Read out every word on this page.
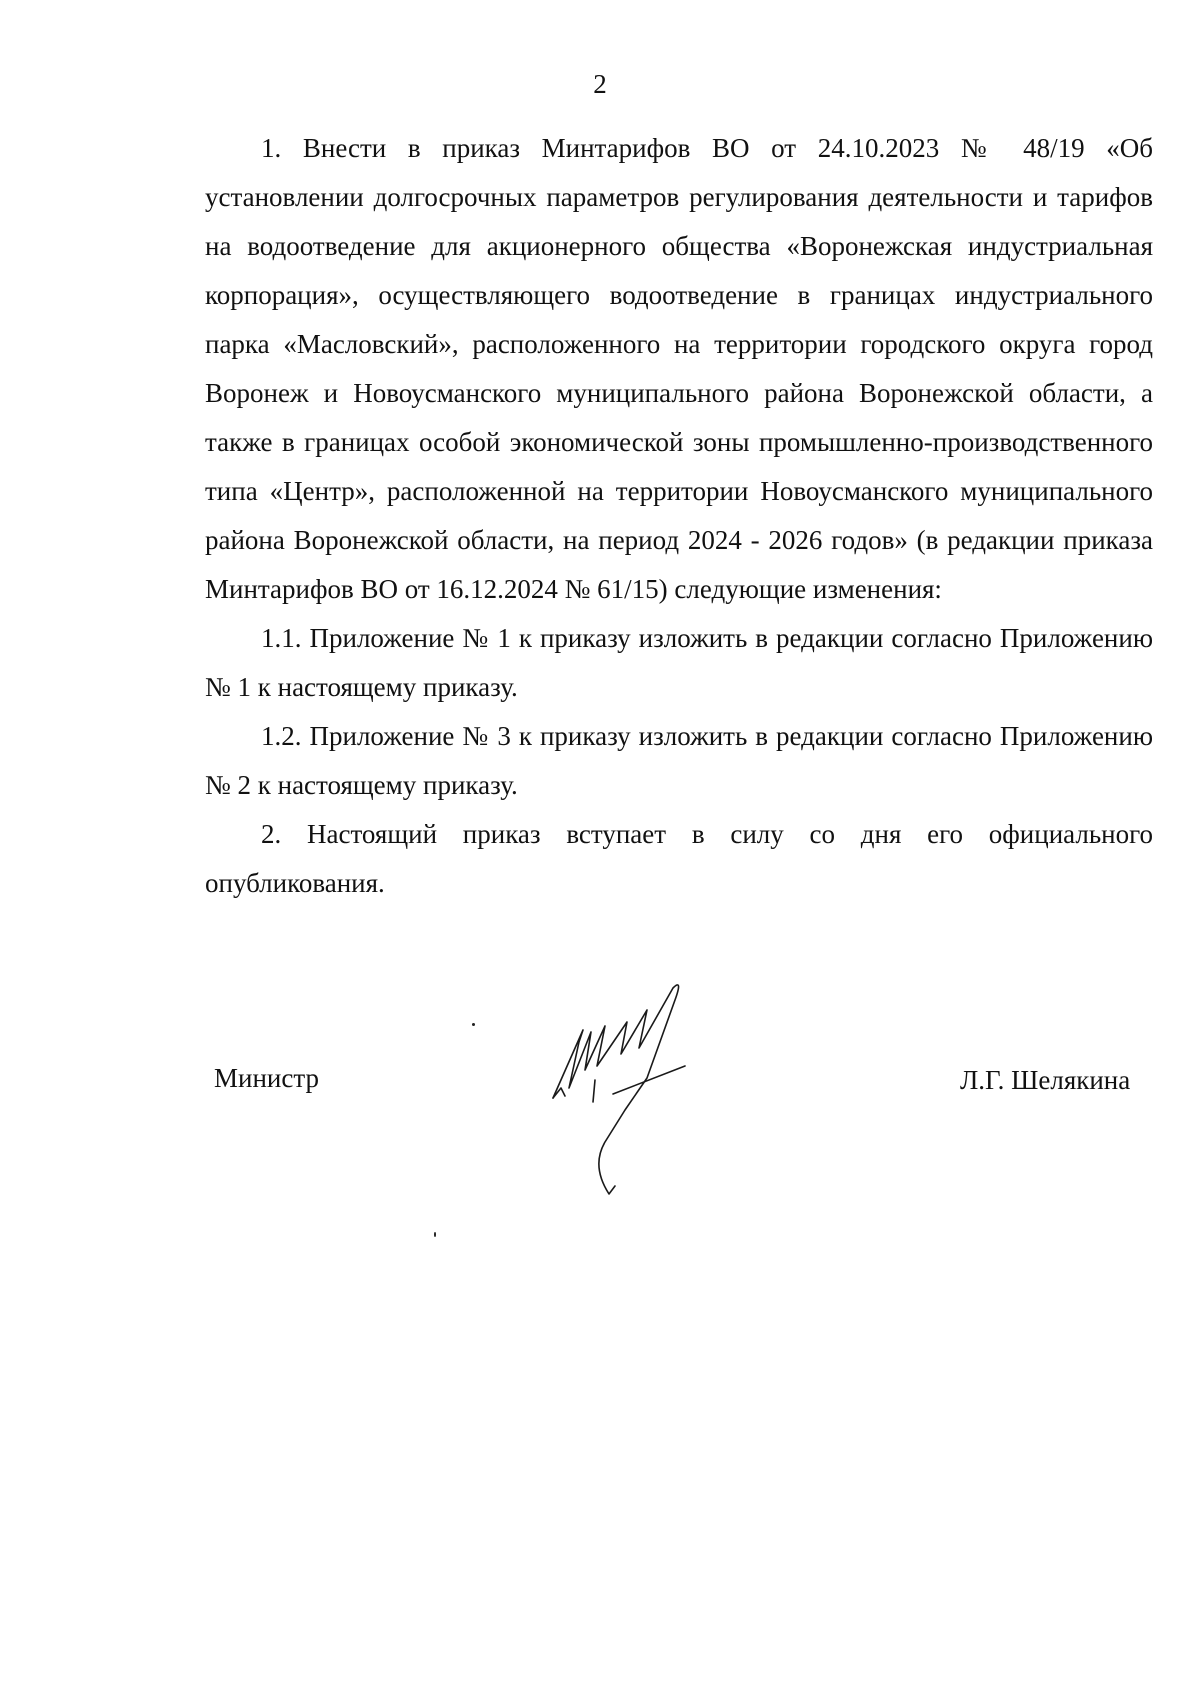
2

1. Внести в приказ Минтарифов ВО от 24.10.2023 № 48/19 «Об установлении долгосрочных параметров регулирования деятельности и тарифов на водоотведение для акционерного общества «Воронежская индустриальная корпорация», осуществляющего водоотведение в границах индустриального парка «Масловский», расположенного на территории городского округа город Воронеж и Новоусманского муниципального района Воронежской области, а также в границах особой экономической зоны промышленно-производственного типа «Центр», расположенной на территории Новоусманского муниципального района Воронежской области, на период 2024 - 2026 годов» (в редакции приказа Минтарифов ВО от 16.12.2024 № 61/15) следующие изменения:

1.1. Приложение № 1 к приказу изложить в редакции согласно Приложению № 1 к настоящему приказу.

1.2. Приложение № 3 к приказу изложить в редакции согласно Приложению № 2 к настоящему приказу.

2. Настоящий приказ вступает в силу со дня его официального опубликования.

Министр	Л.Г. Шелякина
